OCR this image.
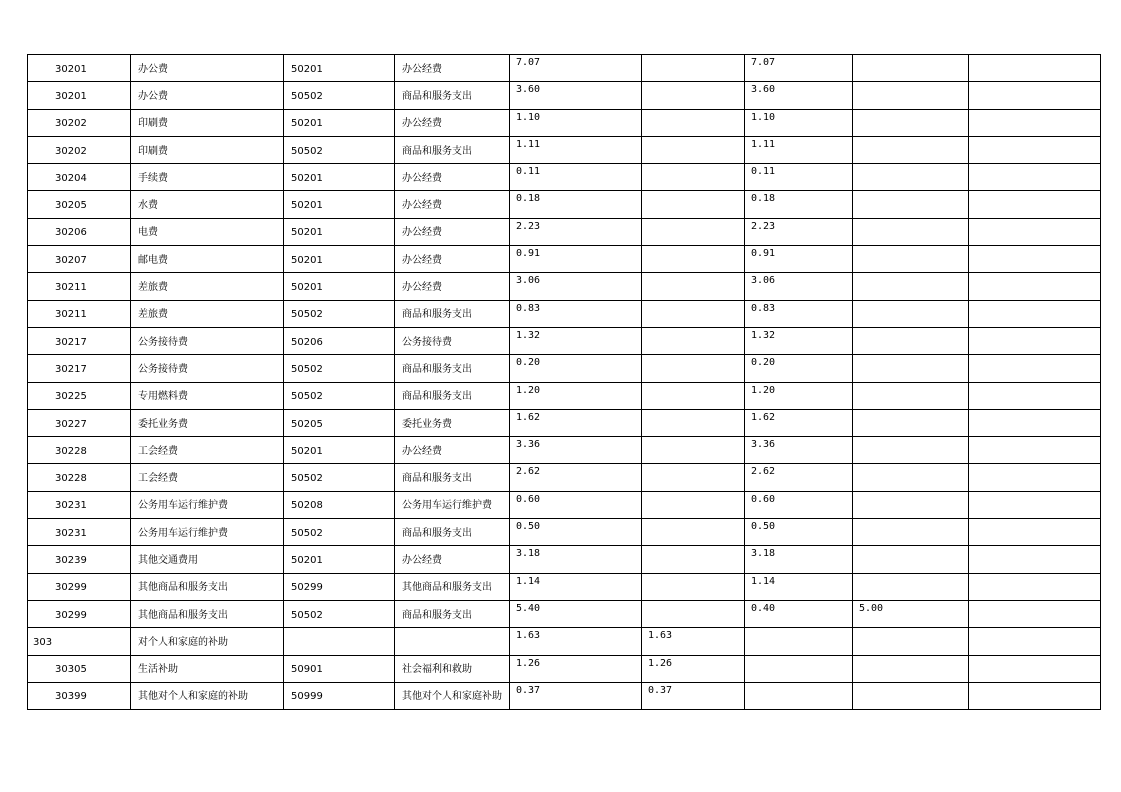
30201	办公费	50201	办公经费	7.07		7.07		
30201	办公费	50502	商品和服务支出	3.60		3.60		
30202	印刷费	50201	办公经费	1.10		1.10		
30202	印刷费	50502	商品和服务支出	1.11		1.11		
30204	手续费	50201	办公经费	0.11		0.11		
30205	水费	50201	办公经费	0.18		0.18		
30206	电费	50201	办公经费	2.23		2.23		
30207	邮电费	50201	办公经费	0.91		0.91		
30211	差旅费	50201	办公经费	3.06		3.06		
30211	差旅费	50502	商品和服务支出	0.83		0.83		
30217	公务接待费	50206	公务接待费	1.32		1.32		
30217	公务接待费	50502	商品和服务支出	0.20		0.20		
30225	专用燃料费	50502	商品和服务支出	1.20		1.20		
30227	委托业务费	50205	委托业务费	1.62		1.62		
30228	工会经费	50201	办公经费	3.36		3.36		
30228	工会经费	50502	商品和服务支出	2.62		2.62		
30231	公务用车运行维护费	50208	公务用车运行维护费	0.60		0.60		
30231	公务用车运行维护费	50502	商品和服务支出	0.50		0.50		
30239	其他交通费用	50201	办公经费	3.18		3.18		
30299	其他商品和服务支出	50299	其他商品和服务支出	1.14		1.14		
30299	其他商品和服务支出	50502	商品和服务支出	5.40		0.40	5.00	
303	对个人和家庭的补助			1.63	1.63			
30305	生活补助	50901	社会福利和救助	1.26	1.26			
30399	其他对个人和家庭的补助	50999	其他对个人和家庭补助	0.37	0.37			
